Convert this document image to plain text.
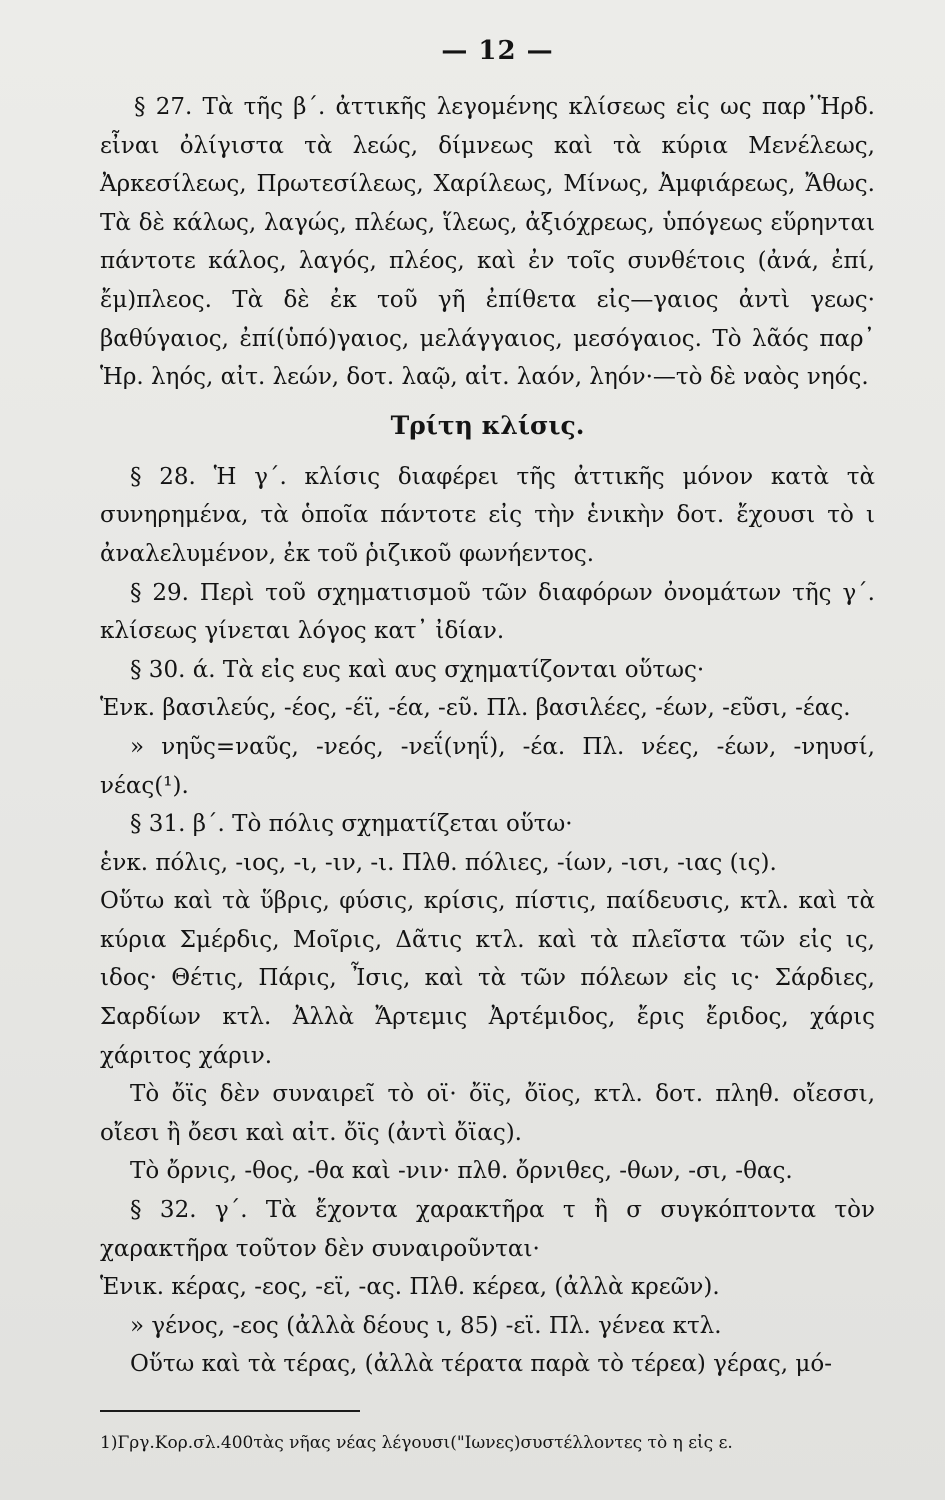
— 12 —

§ 27. Τὰ τῆς β΄. ἀττικῆς λεγομένης κλίσεως εἰς ως παρ᾽Ἡρδ. εἶναι ὀλίγιστα τὰ λεώς, δίμνεως καὶ τὰ κύρια Μενέλεως, Ἀρκεσίλεως, Πρωτεσίλεως, Χαρίλεως, Μίνως, Ἀμφιάρεως, Ἄθως. Τὰ δὲ κάλως, λαγώς, πλέως, ἵλεως, ἀξιόχρεως, ὑπόγεως εὕρηνται πάντοτε κάλος, λαγός, πλέος, καὶ ἐν τοῖς συνθέτοις (ἀνά, ἐπί, ἔμ)πλεος. Τὰ δὲ ἐκ τοῦ γῆ ἐπίθετα εἰς—γαιος ἀντὶ γεως· βαθύγαιος, ἐπί(ὑπό)γαιος, μελάγγαιος, μεσόγαιος. Τὸ λᾶός παρ᾽ Ἡρ. ληός, αἰτ. λεών, δοτ. λαῷ, αἰτ. λαόν, ληόν·—τὸ δὲ ναὸς νηός.

Τρίτη κλίσις.

§ 28. Ἡ γ΄. κλίσις διαφέρει τῆς ἀττικῆς μόνον κατὰ τὰ συνηρημένα, τὰ ὁποῖα πάντοτε εἰς τὴν ἑνικὴν δοτ. ἔχουσι τὸ ι ἀναλελυμένον, ἐκ τοῦ ῥιζικοῦ φωνήεντος.

§ 29. Περὶ τοῦ σχηματισμοῦ τῶν διαφόρων ὀνομάτων τῆς γ΄. κλίσεως γίνεται λόγος κατ᾽ ἰδίαν.

§ 30. ά. Τὰ εἰς ευς καὶ αυς σχηματίζονται οὕτως·

Ἑνκ. βασιλεύς, -έος, -έϊ, -έα, -εῦ. Πλ. βασιλέες, -έων, -εῦσι, -έας.

» νηῦς=ναῦς, -νεός, -νεΐ(νηΐ), -έα. Πλ. νέες, -έων, -νηυσί, νέας(¹).

§ 31. β΄. Τὸ πόλις σχηματίζεται οὕτω·

ἑνκ. πόλις, -ιος, -ι, -ιν, -ι. Πλθ. πόλιες, -ίων, -ισι, -ιας (ις).

Οὕτω καὶ τὰ ὕβρις, φύσις, κρίσις, πίστις, παίδευσις, κτλ. καὶ τὰ κύρια Σμέρδις, Μοῖρις, Δᾶτις κτλ. καὶ τὰ πλεῖστα τῶν εἰς ις, ιδος· Θέτις, Πάρις, Ἶσις, καὶ τὰ τῶν πόλεων εἰς ις· Σάρδιες, Σαρδίων κτλ. Ἀλλὰ Ἄρτεμις Ἀρτέμιδος, ἔρις ἔριδος, χάρις χάριτος χάριν.

Τὸ ὄϊς δὲν συναιρεῖ τὸ οϊ· ὄϊς, ὄϊος, κτλ. δοτ. πληθ. οἴεσσι, οἴεσι ἢ ὄεσι καὶ αἰτ. ὄϊς (ἀντὶ ὄϊας).

Τὸ ὄρνις, -θος, -θα καὶ -νιν· πλθ. ὄρνιθες, -θων, -σι, -θας.

§ 32. γ΄. Τὰ ἔχοντα χαρακτῆρα τ ἢ σ συγκόπτοντα τὸν χαρακτῆρα τοῦτον δὲν συναιροῦνται·

Ἑνικ. κέρας, -εος, -εϊ, -ας. Πλθ. κέρεα, (ἀλλὰ κρεῶν).

» γένος, -εος (ἀλλὰ δέους ι, 85) -εϊ. Πλ. γένεα κτλ.

Οὕτω καὶ τὰ τέρας, (ἀλλὰ τέρατα παρὰ τὸ τέρεα) γέρας, μό-

1)Γργ.Κορ.σλ.400τὰς νῆας νέας λέγουσι("Ιωνες)συστέλλοντες τὸ η εἰς ε.
